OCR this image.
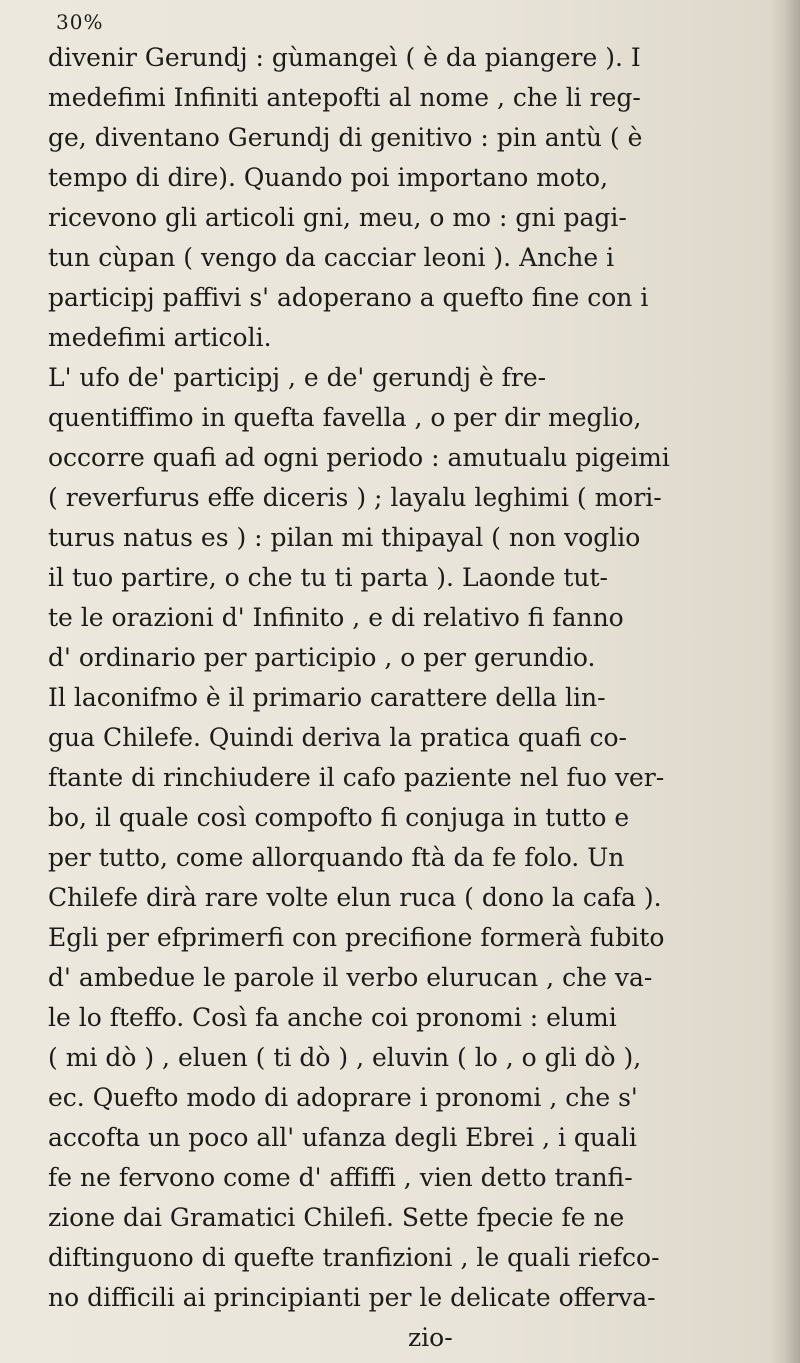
30%
divenir Gerundj : gùmangeì ( è da piangere ). I
medefimi Infiniti antepofti al nome , che li reg-
ge, diventano Gerundj di genitivo : pin antù ( è
tempo di dire). Quando poi importano moto,
ricevono gli articoli gni, meu, o mo : gni pagi-
tun cùpan ( vengo da cacciar leoni ). Anche i
participj paffivi s' adoperano a quefto fine con i
medefimi articoli.
L' ufo de' participj , e de' gerundj è fre-
quentiffimo in quefta favella , o per dir meglio,
occorre quafi ad ogni periodo : amutualu pigeimi
( reverfurus effe diceris ) ; layalu leghimi ( mori-
turus natus es ) : pilan mi thipayal ( non voglio
il tuo partire, o che tu ti parta ). Laonde tut-
te le orazioni d' Infinito , e di relativo fi fanno
d' ordinario per participio , o per gerundio.
Il laconifmo è il primario carattere della lin-
gua Chilefe. Quindi deriva la pratica quafi co-
ftante di rinchiudere il cafo paziente nel fuo ver-
bo, il quale così compofto fi conjuga in tutto e
per tutto, come allorquando ftà da fe folo. Un
Chilefe dirà rare volte elun ruca ( dono la cafa ).
Egli per efprimerfi con precifione formerà fubito
d' ambedue le parole il verbo elurucan , che va-
le lo fteffo. Così fa anche coi pronomi : elumi
( mi dò ) , eluen ( ti dò ) , eluvin ( lo , o gli dò ),
ec. Quefto modo di adoprare i pronomi , che s'
accofta un poco all' ufanza degli Ebrei , i quali
fe ne fervono come d' affiffi , vien detto tranfi-
zione dai Gramatici Chilefi. Sette fpecie fe ne
diftinguono di quefte tranfizioni , le quali riefco-
no difficili ai principianti per le delicate offerva-
zio-
